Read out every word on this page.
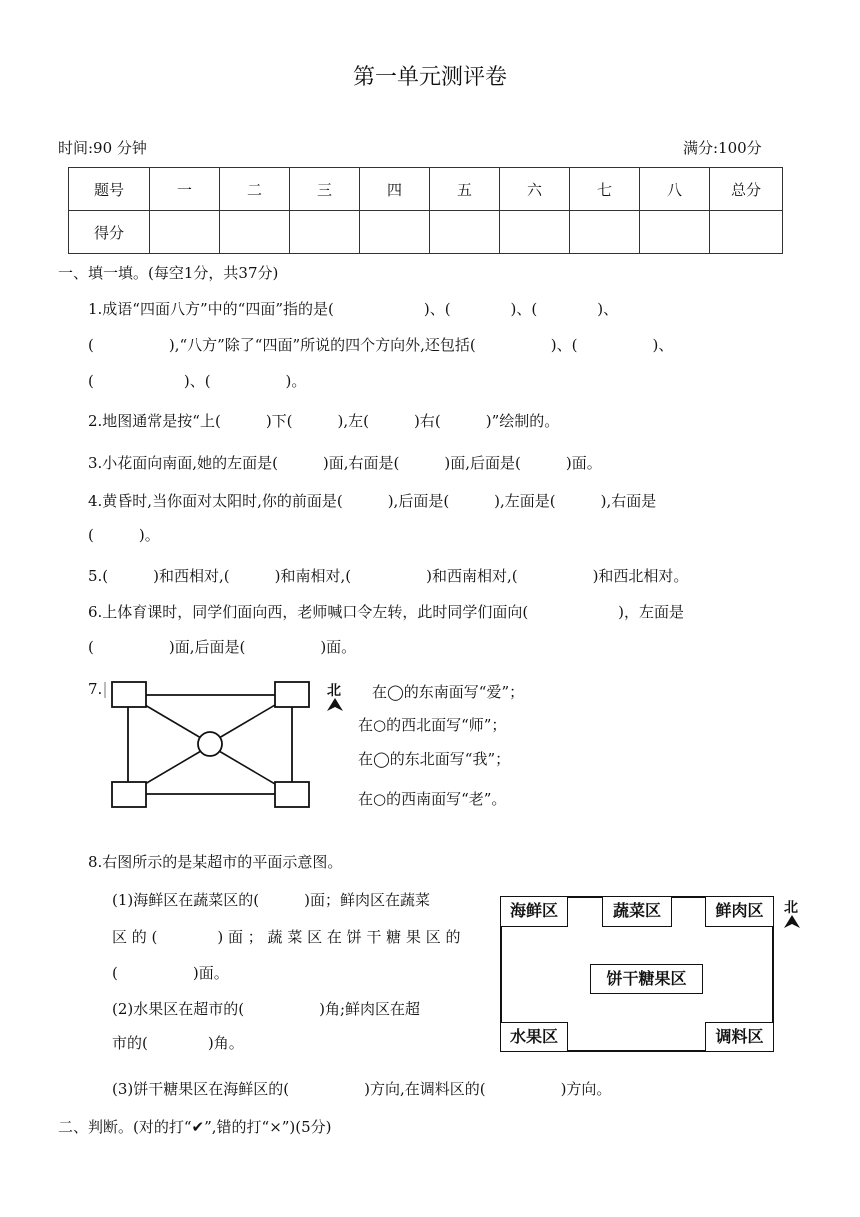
第一单元测评卷
时间:90 分钟	满分:100分
题号	一	二	三	四	五	六	七	八	总分
得分									
一、填一填。(每空1分，共37分)
1.成语“四面八方”中的“四面”指的是(　　　　　　)、(　　　　)、(　　　　)、
(　　　　　),“八方”除了“四面”所说的四个方向外,还包括(　　　　　)、(　　　　　)、
(　　　　　　)、(　　　　　)。
2.地图通常是按“上(　　　)下(　　　),左(　　　)右(　　　)”绘制的。
3.小花面向南面,她的左面是(　　　)面,右面是(　　　)面,后面是(　　　)面。
4.黄昏时,当你面对太阳时,你的前面是(　　　),后面是(　　　),左面是(　　　),右面是
(　　　)。
5.(　　　)和西相对,(　　　)和南相对,(　　　　　)和西南相对,(　　　　　)和西北相对。
6.上体育课时，同学们面向西，老师喊口令左转，此时同学们面向(　　　　　　)，左面是
(　　　　　)面,后面是(　　　　　)面。
7.	北 在◯的东南面写“爱”；
在○的西北面写“师”；
在◯的东北面写“我”；
在○的西南面写“老”。
8.右图所示的是某超市的平面示意图。
(1)海鲜区在蔬菜区的(　　　)面；鲜肉区在蔬菜
区 的 (　　　　) 面 ； 蔬 菜 区 在 饼 干 糖 果 区 的
(　　　　　)面。
(2)水果区在超市的(　　　　　)角;鲜肉区在超
市的(　　　　)角。
(3)饼干糖果区在海鲜区的(　　　　　)方向,在调料区的(　　　　　)方向。
海鲜区	蔬菜区	鲜肉区
饼干糖果区
水果区	调料区
北
二、判断。(对的打“✔”,错的打“×”)(5分)
